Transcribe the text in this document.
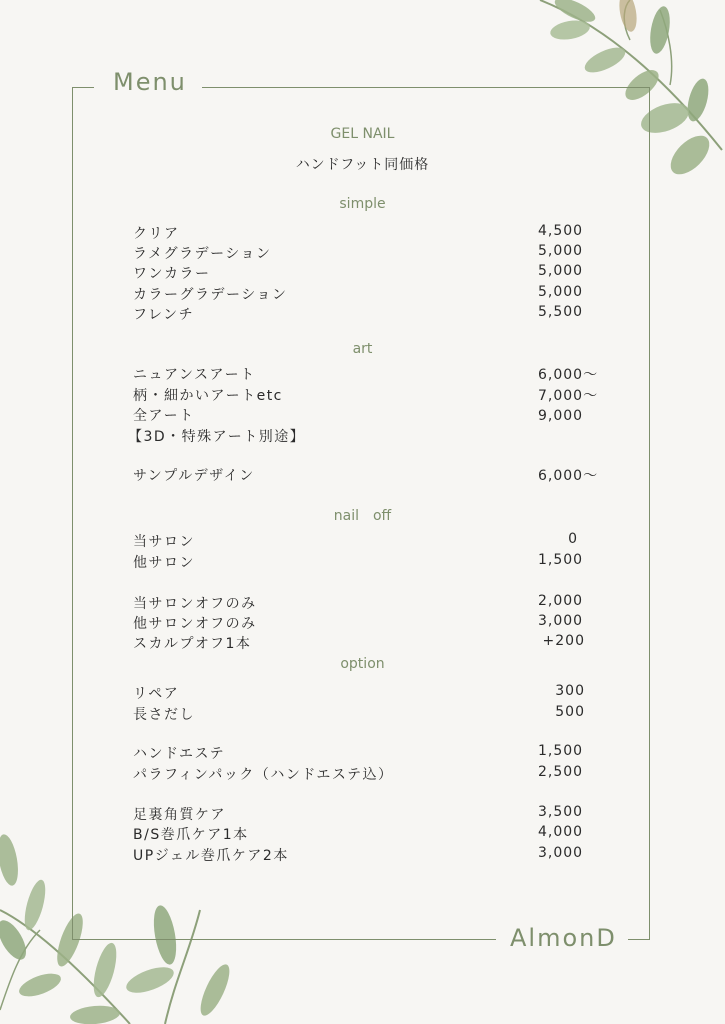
Menu
AlmonD
GEL NAIL
ハンドフット同価格
simple
クリア	4,500
ラメグラデーション	5,000
ワンカラー	5,000
カラーグラデーション	5,000
フレンチ	5,500
art
ニュアンスアート	6,000〜
柄・細かいアートetc	7,000〜
全アート	9,000
【3D・特殊アート別途】
サンプルデザイン	6,000〜
nail　off
当サロン	0
他サロン	1,500
当サロンオフのみ	2,000
他サロンオフのみ	3,000
スカルプオフ1本	+200
option
リペア	300
長さだし	500
ハンドエステ	1,500
パラフィンパック（ハンドエステ込）	2,500
足裏角質ケア	3,500
B/S巻爪ケア1本	4,000
UPジェル巻爪ケア2本	3,000
